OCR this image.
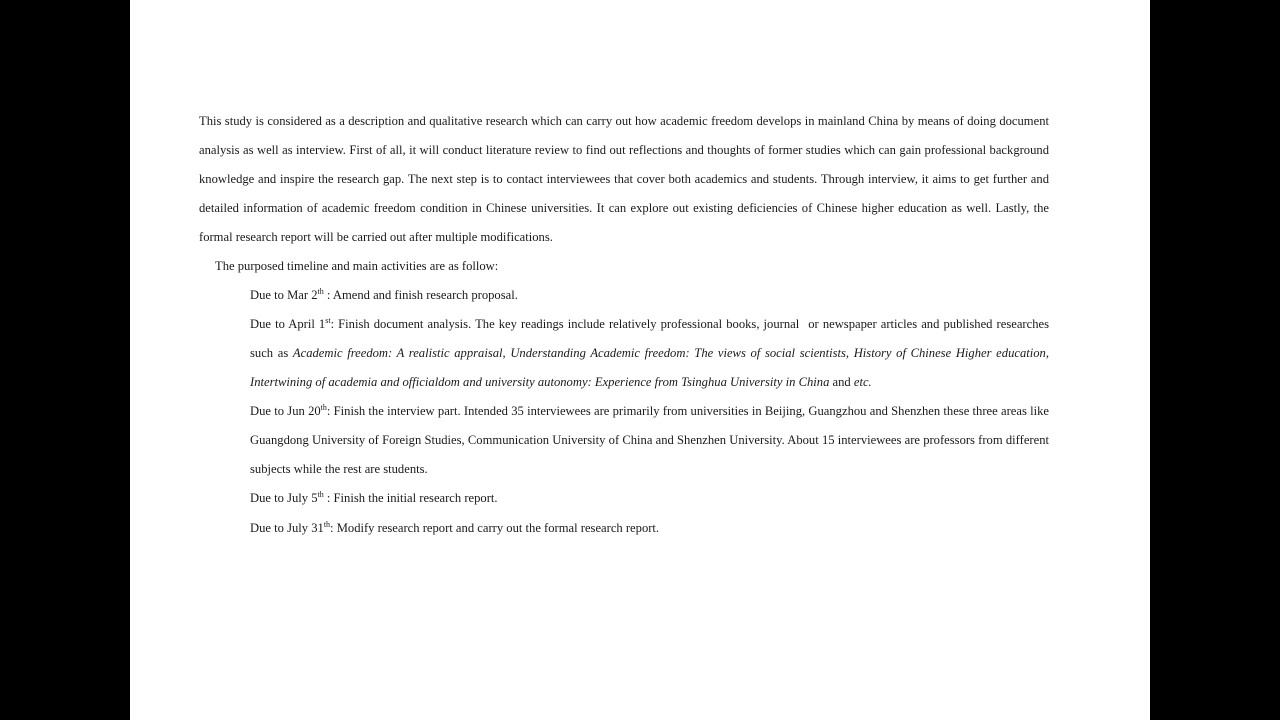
This study is considered as a description and qualitative research which can carry out how academic freedom develops in mainland China by means of doing document analysis as well as interview. First of all, it will conduct literature review to find out reflections and thoughts of former studies which can gain professional background knowledge and inspire the research gap. The next step is to contact interviewees that cover both academics and students. Through interview, it aims to get further and detailed information of academic freedom condition in Chinese universities. It can explore out existing deficiencies of Chinese higher education as well. Lastly, the formal research report will be carried out after multiple modifications.

The purposed timeline and main activities are as follow:

Due to Mar 2th : Amend and finish research proposal.

Due to April 1st: Finish document analysis. The key readings include relatively professional books, journal or newspaper articles and published researches such as Academic freedom: A realistic appraisal, Understanding Academic freedom: The views of social scientists, History of Chinese Higher education, Intertwining of academia and officialdom and university autonomy: Experience from Tsinghua University in China and etc.

Due to Jun 20th: Finish the interview part. Intended 35 interviewees are primarily from universities in Beijing, Guangzhou and Shenzhen these three areas like Guangdong University of Foreign Studies, Communication University of China and Shenzhen University. About 15 interviewees are professors from different subjects while the rest are students.

Due to July 5th : Finish the initial research report.

Due to July 31th: Modify research report and carry out the formal research report.
